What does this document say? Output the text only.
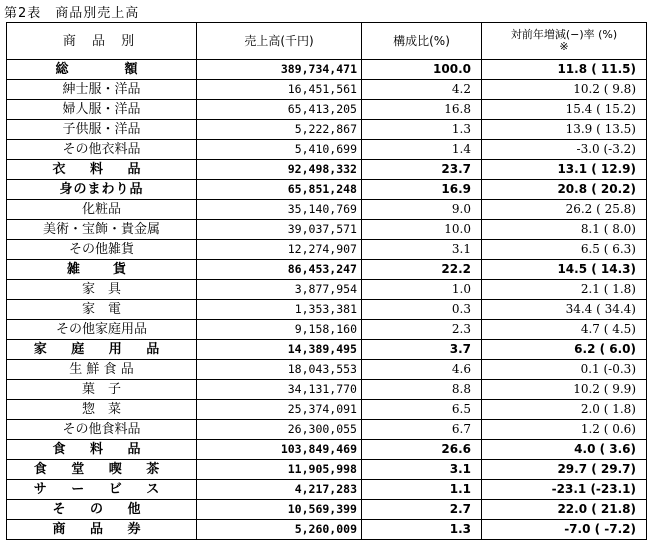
第2表　商品別売上高
商 品 別	売上高(千円)	構成比(%)	対前年増減(−)率 (%)
※

総　　額	389,734,471	100.0	11.8 ( 11.5)
紳士服・洋品	16,451,561	4.2	10.2 ( 9.8)
婦人服・洋品	65,413,205	16.8	15.4 ( 15.2)
子供服・洋品	5,222,867	1.3	13.9 ( 13.5)
その他衣料品	5,410,699	1.4	-3.0 (-3.2)
衣 料 品	92,498,332	23.7	13.1 ( 12.9)
身のまわり品	65,851,248	16.9	20.8 ( 20.2)
化粧品	35,140,769	9.0	26.2 ( 25.8)
美術・宝飾・貴金属	39,037,571	10.0	8.1 ( 8.0)
その他雑貨	12,274,907	3.1	6.5 ( 6.3)
雑　貨	86,453,247	22.2	14.5 ( 14.3)
家　具	3,877,954	1.0	2.1 ( 1.8)
家　電	1,353,381	0.3	34.4 ( 34.4)
その他家庭用品	9,158,160	2.3	4.7 ( 4.5)
家 庭 用 品	14,389,495	3.7	6.2 ( 6.0)
生 鮮 食 品	18,043,553	4.6	0.1 (-0.3)
菓　子	34,131,770	8.8	10.2 ( 9.9)
惣　菜	25,374,091	6.5	2.0 ( 1.8)
その他食料品	26,300,055	6.7	1.2 ( 0.6)
食 料 品	103,849,469	26.6	4.0 ( 3.6)
食 堂 喫 茶	11,905,998	3.1	29.7 ( 29.7)
サ ー ビ ス	4,217,283	1.1	-23.1 (-23.1)
そ の 他	10,569,399	2.7	22.0 ( 21.8)
商 品 券	5,260,009	1.3	-7.0 ( -7.2)
